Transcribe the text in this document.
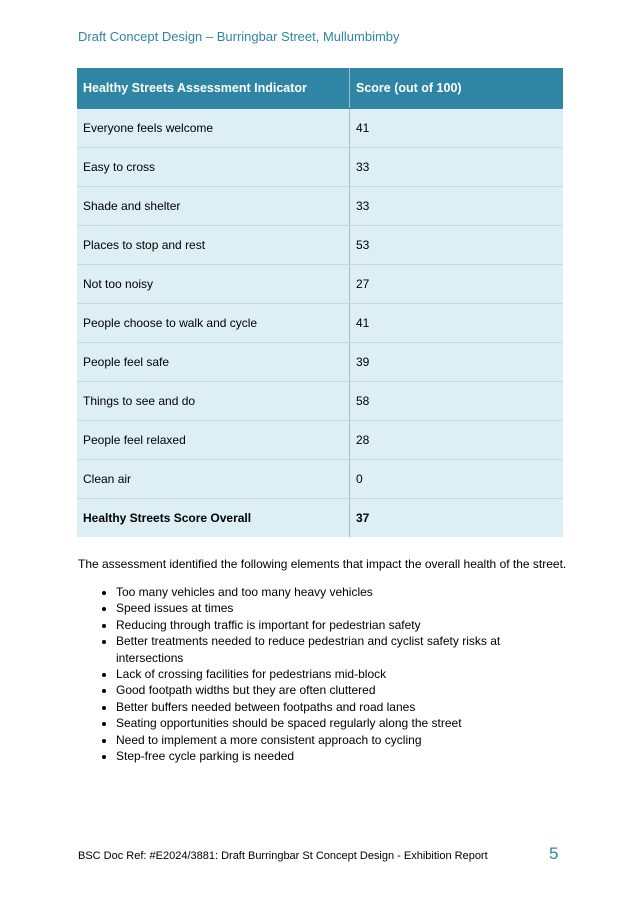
Draft Concept Design – Burringbar Street, Mullumbimby
Healthy Streets Assessment Indicator	Score (out of 100)
Everyone feels welcome	41
Easy to cross	33
Shade and shelter	33
Places to stop and rest	53
Not too noisy	27
People choose to walk and cycle	41
People feel safe	39
Things to see and do	58
People feel relaxed	28
Clean air	0
Healthy Streets Score Overall	37
The assessment identified the following elements that impact the overall health of the street.
• Too many vehicles and too many heavy vehicles
• Speed issues at times
• Reducing through traffic is important for pedestrian safety
• Better treatments needed to reduce pedestrian and cyclist safety risks at intersections
• Lack of crossing facilities for pedestrians mid-block
• Good footpath widths but they are often cluttered
• Better buffers needed between footpaths and road lanes
• Seating opportunities should be spaced regularly along the street
• Need to implement a more consistent approach to cycling
• Step-free cycle parking is needed
BSC Doc Ref: #E2024/3881: Draft Burringbar St Concept Design - Exhibition Report	5
